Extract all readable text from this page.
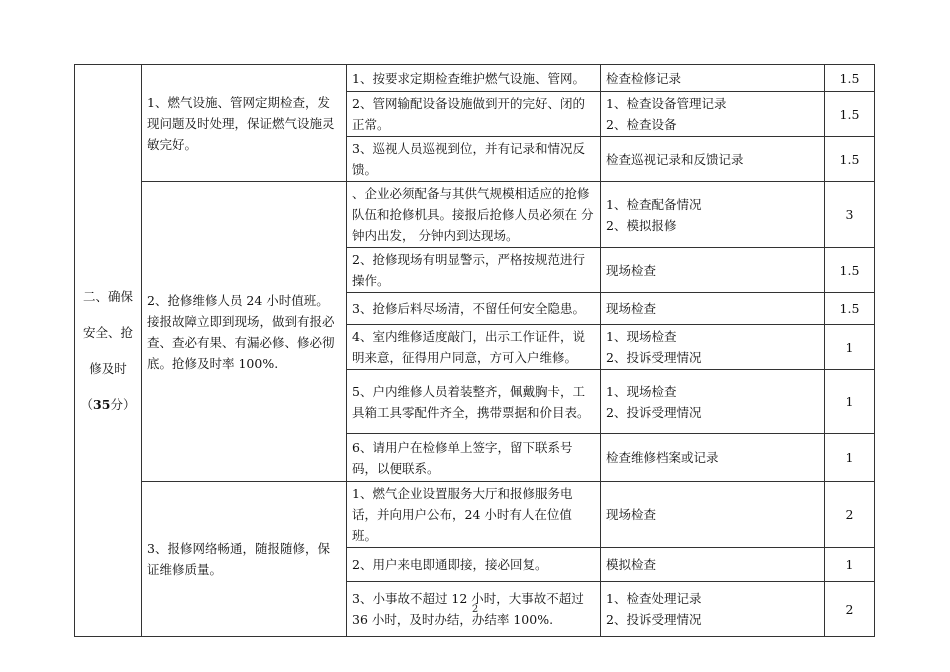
二、确保
安全、抢
修及时
（35分）	1、燃气设施、管网定期检查，发现问题及时处理，保证燃气设施灵敏完好。	1、按要求定期检查维护燃气设施、管网。	检查检修记录	1.5
		2、管网输配设备设施做到开的完好、闭的正常。	1、检查设备管理记录
2、检查设备	1.5
		3、巡视人员巡视到位，并有记录和情况反馈。	检查巡视记录和反馈记录	1.5
	2、抢修维修人员 24 小时值班。接报故障立即到现场，做到有报必查、查必有果、有漏必修、修必彻底。抢修及时率 100%.	、企业必须配备与其供气规模相适应的抢修队伍和抢修机具。接报后抢修人员必须在 分钟内出发， 分钟内到达现场。	1、检查配备情况
2、模拟报修	3
		2、抢修现场有明显警示，严格按规范进行操作。	现场检查	1.5
		3、抢修后料尽场清，不留任何安全隐患。	现场检查	1.5
		4、室内维修适度敲门，出示工作证件，说明来意，征得用户同意，方可入户维修。	1、现场检查
2、投诉受理情况	1
		5、户内维修人员着装整齐，佩戴胸卡，工具箱工具零配件齐全，携带票据和价目表。	1、现场检查
2、投诉受理情况	1
		6、请用户在检修单上签字，留下联系号码，以便联系。	检查维修档案或记录	1
	3、报修网络畅通，随报随修，保证维修质量。	1、燃气企业设置服务大厅和报修服务电话，并向用户公布，24 小时有人在位值班。	现场检查	2
		2、用户来电即通即接，接必回复。	模拟检查	1
		3、小事故不超过 12 小时，大事故不超过 36 小时，及时办结，办结率 100%.	1、检查处理记录
2、投诉受理情况	2
2
